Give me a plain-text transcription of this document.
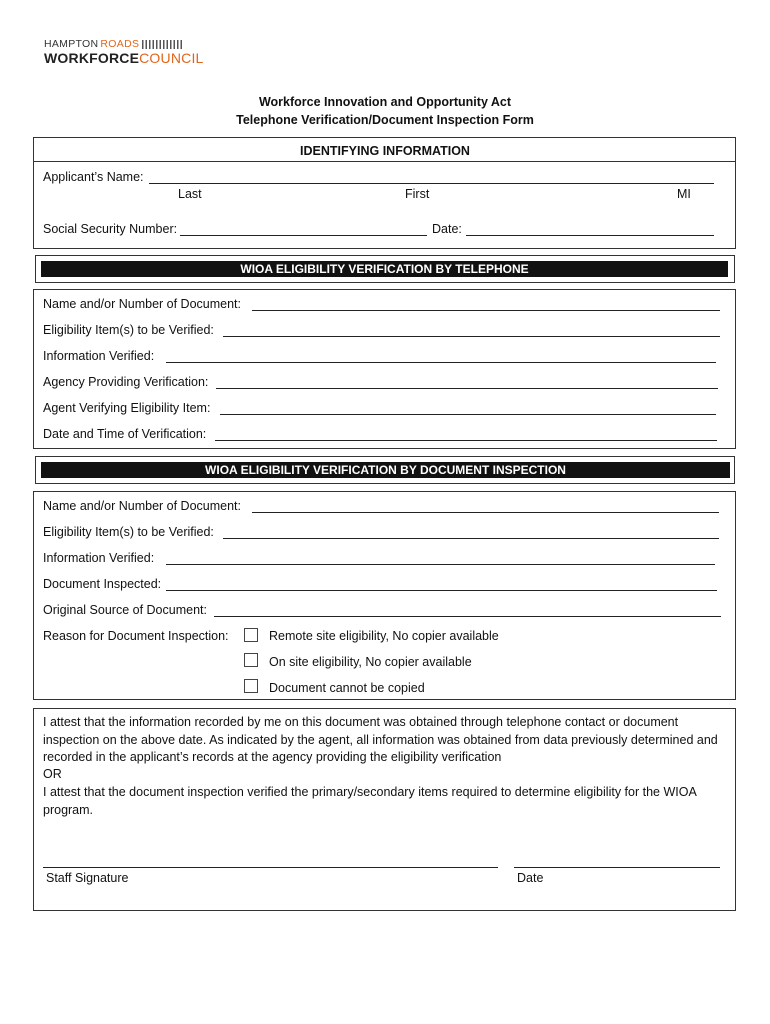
HAMPTON ROADS
WORKFORCECOUNCIL
Workforce Innovation and Opportunity Act
Telephone Verification/Document Inspection Form
IDENTIFYING INFORMATION
Applicant’s Name:
Last	First	MI
Social Security Number:	Date:
WIOA ELIGIBILITY VERIFICATION BY TELEPHONE
Name and/or Number of Document:
Eligibility Item(s) to be Verified:
Information Verified:
Agency Providing Verification:
Agent Verifying Eligibility Item:
Date and Time of Verification:
WIOA ELIGIBILITY VERIFICATION BY DOCUMENT INSPECTION
Name and/or Number of Document:
Eligibility Item(s) to be Verified:
Information Verified:
Document Inspected:
Original Source of Document:
Reason for Document Inspection:	Remote site eligibility, No copier available
On site eligibility, No copier available
Document cannot be copied
I attest that the information recorded by me on this document was obtained through telephone contact or document inspection on the above date. As indicated by the agent, all information was obtained from data previously determined and recorded in the applicant’s records at the agency providing the eligibility verification
OR
I attest that the document inspection verified the primary/secondary items required to determine eligibility for the WIOA program.
Staff Signature	Date
